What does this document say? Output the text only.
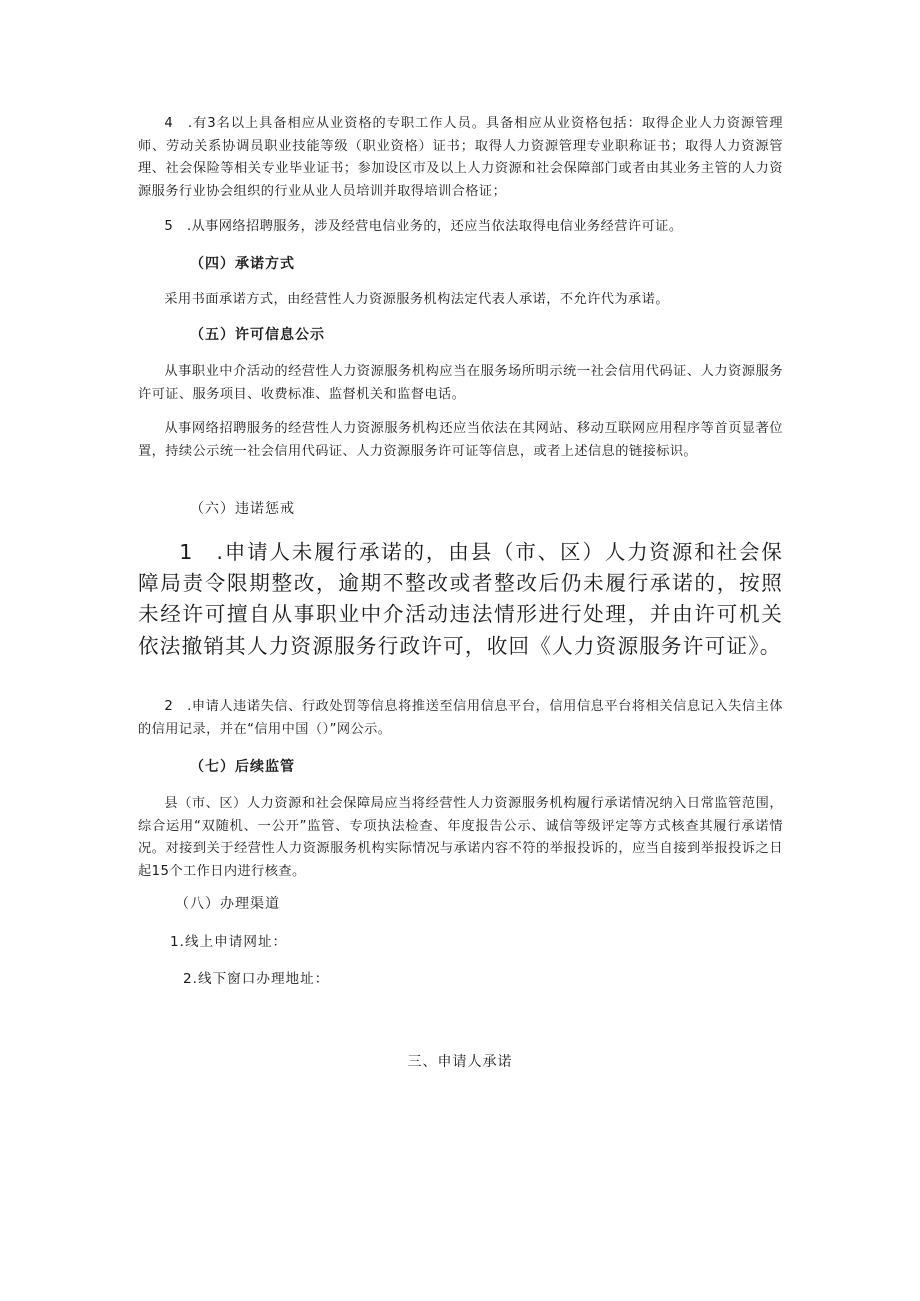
4　.有3名以上具备相应从业资格的专职工作人员。具备相应从业资格包括：取得企业人力资源管理师、劳动关系协调员职业技能等级（职业资格）证书；取得人力资源管理专业职称证书；取得人力资源管理、社会保险等相关专业毕业证书；参加设区市及以上人力资源和社会保障部门或者由其业务主管的人力资源服务行业协会组织的行业从业人员培训并取得培训合格证；

5　.从事网络招聘服务，涉及经营电信业务的，还应当依法取得电信业务经营许可证。

（四）承诺方式

采用书面承诺方式，由经营性人力资源服务机构法定代表人承诺，不允许代为承诺。

（五）许可信息公示

从事职业中介活动的经营性人力资源服务机构应当在服务场所明示统一社会信用代码证、人力资源服务许可证、服务项目、收费标准、监督机关和监督电话。

从事网络招聘服务的经营性人力资源服务机构还应当依法在其网站、移动互联网应用程序等首页显著位置，持续公示统一社会信用代码证、人力资源服务许可证等信息，或者上述信息的链接标识。

（六）违诺惩戒

1　.申请人未履行承诺的，由县（市、区）人力资源和社会保障局责令限期整改，逾期不整改或者整改后仍未履行承诺的，按照未经许可擅自从事职业中介活动违法情形进行处理，并由许可机关依法撤销其人力资源服务行政许可，收回《人力资源服务许可证》。

2　.申请人违诺失信、行政处罚等信息将推送至信用信息平台，信用信息平台将相关信息记入失信主体的信用记录，并在“信用中国（）”网公示。

（七）后续监管

县（市、区）人力资源和社会保障局应当将经营性人力资源服务机构履行承诺情况纳入日常监管范围，综合运用“双随机、一公开”监管、专项执法检查、年度报告公示、诚信等级评定等方式核查其履行承诺情况。对接到关于经营性人力资源服务机构实际情况与承诺内容不符的举报投诉的，应当自接到举报投诉之日起15个工作日内进行核查。

（八）办理渠道

1.线上申请网址：

2.线下窗口办理地址：

三、申请人承诺
